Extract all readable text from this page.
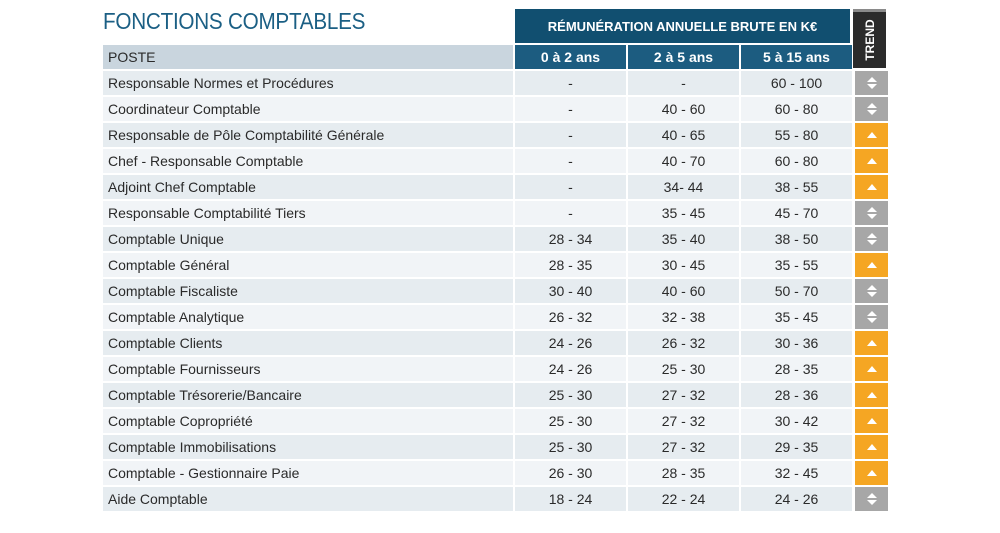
FONCTIONS COMPTABLES	RÉMUNÉRATION ANNUELLE BRUTE EN K€	TREND
POSTE	0 à 2 ans	2 à 5 ans	5 à 15 ans
Responsable Normes et Procédures	-	-	60 - 100
Coordinateur Comptable	-	40 - 60	60 - 80
Responsable de Pôle Comptabilité Générale	-	40 - 65	55 - 80
Chef - Responsable Comptable	-	40 - 70	60 - 80
Adjoint Chef Comptable	-	34- 44	38 - 55
Responsable Comptabilité Tiers	-	35 - 45	45 - 70
Comptable Unique	28 - 34	35 - 40	38 - 50
Comptable Général	28 - 35	30 - 45	35 - 55
Comptable Fiscaliste	30 - 40	40 - 60	50 - 70
Comptable Analytique	26 - 32	32 - 38	35 - 45
Comptable Clients	24 - 26	26 - 32	30 - 36
Comptable Fournisseurs	24 - 26	25 - 30	28 - 35
Comptable Trésorerie/Bancaire	25 - 30	27 - 32	28 - 36
Comptable Copropriété	25 - 30	27 - 32	30 - 42
Comptable Immobilisations	25 - 30	27 - 32	29 - 35
Comptable - Gestionnaire Paie	26 - 30	28 - 35	32 - 45
Aide Comptable	18 - 24	22 - 24	24 - 26
